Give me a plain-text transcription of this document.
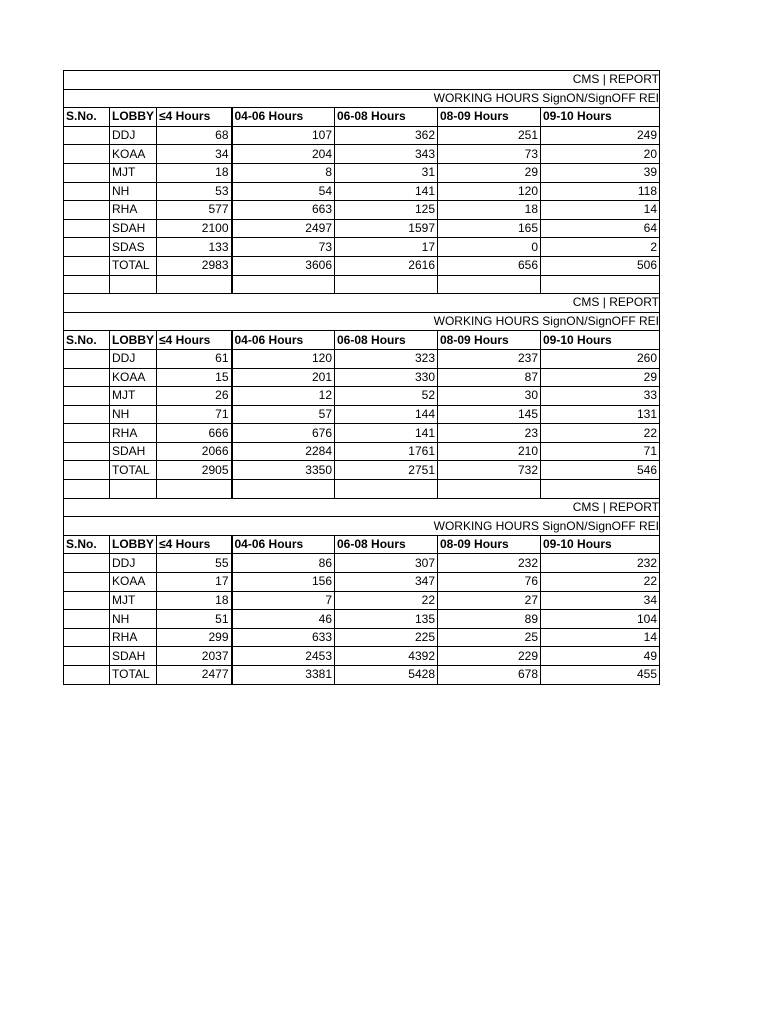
CMS | REPORT						
WORKING HOURS SignON/SignOFF REI						
S.No.	LOBBY	≤4 Hours	04-06 Hours	06-08 Hours	08-09 Hours	09-10 Hours
	DDJ	68	107	362	251	249
	KOAA	34	204	343	73	20
	MJT	18	8	31	29	39
	NH	53	54	141	120	118
	RHA	577	663	125	18	14
	SDAH	2100	2497	1597	165	64
	SDAS	133	73	17	0	2
	TOTAL	2983	3606	2616	656	506

CMS | REPORT						
WORKING HOURS SignON/SignOFF REI						
S.No.	LOBBY	≤4 Hours	04-06 Hours	06-08 Hours	08-09 Hours	09-10 Hours
	DDJ	61	120	323	237	260
	KOAA	15	201	330	87	29
	MJT	26	12	52	30	33
	NH	71	57	144	145	131
	RHA	666	676	141	23	22
	SDAH	2066	2284	1761	210	71
	TOTAL	2905	3350	2751	732	546

CMS | REPORT						
WORKING HOURS SignON/SignOFF REI						
S.No.	LOBBY	≤4 Hours	04-06 Hours	06-08 Hours	08-09 Hours	09-10 Hours
	DDJ	55	86	307	232	232
	KOAA	17	156	347	76	22
	MJT	18	7	22	27	34
	NH	51	46	135	89	104
	RHA	299	633	225	25	14
	SDAH	2037	2453	4392	229	49
	TOTAL	2477	3381	5428	678	455
